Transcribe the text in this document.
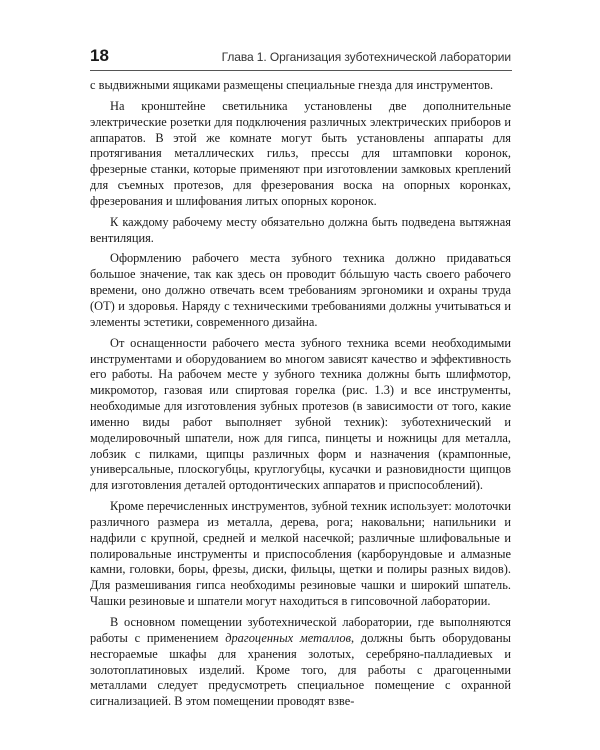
18	Глава 1. Организация зуботехнической лаборатории

с выдвижными ящиками размещены специальные гнезда для инструментов.

На кронштейне светильника установлены две дополнительные электрические розетки для подключения различных электрических приборов и аппаратов. В этой же комнате могут быть установлены аппараты для протягивания металлических гильз, прессы для штамповки коронок, фрезерные станки, которые применяют при изготовлении замковых креплений для съемных протезов, для фрезерования воска на опорных коронках, фрезерования и шлифования литых опорных коронок.

К каждому рабочему месту обязательно должна быть подведена вытяжная вентиляция.

Оформлению рабочего места зубного техника должно придаваться большое значение, так как здесь он проводит бóльшую часть своего рабочего времени, оно должно отвечать всем требованиям эргономики и охраны труда (ОТ) и здоровья. Наряду с техническими требованиями должны учитываться и элементы эстетики, современного дизайна.

От оснащенности рабочего места зубного техника всеми необходимыми инструментами и оборудованием во многом зависят качество и эффективность его работы. На рабочем месте у зубного техника должны быть шлифмотор, микромотор, газовая или спиртовая горелка (рис. 1.3) и все инструменты, необходимые для изготовления зубных протезов (в зависимости от того, какие именно виды работ выполняет зубной техник): зуботехнический и моделировочный шпатели, нож для гипса, пинцеты и ножницы для металла, лобзик с пилками, щипцы различных форм и назначения (крампонные, универсальные, плоскогубцы, круглогубцы, кусачки и разновидности щипцов для изготовления деталей ортодонтических аппаратов и приспособлений).

Кроме перечисленных инструментов, зубной техник использует: молоточки различного размера из металла, дерева, рога; наковальни; напильники и надфили с крупной, средней и мелкой насечкой; различные шлифовальные и полировальные инструменты и приспособления (карборундовые и алмазные камни, головки, боры, фрезы, диски, фильцы, щетки и полиры разных видов). Для размешивания гипса необходимы резиновые чашки и широкий шпатель. Чашки резиновые и шпатели могут находиться в гипсовочной лаборатории.

В основном помещении зуботехнической лаборатории, где выполняются работы с применением драгоценных металлов, должны быть оборудованы несгораемые шкафы для хранения золотых, серебряно-палладиевых и золотоплатиновых изделий. Кроме того, для работы с драгоценными металлами следует предусмотреть специальное помещение с охранной сигнализацией. В этом помещении проводят взве-
